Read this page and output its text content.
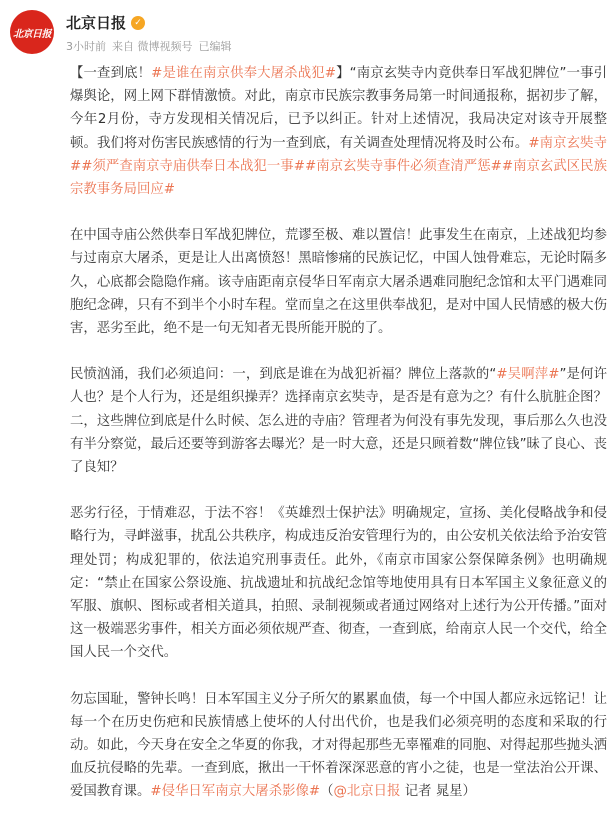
北京日报
北京日报 ✓
3小时前 来自 微博视频号 已编辑

【一查到底！#是谁在南京供奉大屠杀战犯#】“南京玄奘寺内竟供奉日军战犯牌位”一事引爆舆论，网上网下群情激愤。对此，南京市民族宗教事务局第一时间通报称，据初步了解，今年2月份，寺方发现相关情况后，已予以纠正。针对上述情况，我局决定对该寺开展整顿。我们将对伤害民族感情的行为一查到底，有关调查处理情况将及时公布。#南京玄奘寺##须严查南京寺庙供奉日本战犯一事##南京玄奘寺事件必须查清严惩##南京玄武区民族宗教事务局回应#

在中国寺庙公然供奉日军战犯牌位，荒谬至极、难以置信！此事发生在南京，上述战犯均参与过南京大屠杀，更是让人出离愤怒！黑暗惨痛的民族记忆，中国人蚀骨难忘，无论时隔多久，心底都会隐隐作痛。该寺庙距南京侵华日军南京大屠杀遇难同胞纪念馆和太平门遇难同胞纪念碑，只有不到半个小时车程。堂而皇之在这里供奉战犯，是对中国人民情感的极大伤害，恶劣至此，绝不是一句无知者无畏所能开脱的了。

民愤汹涌，我们必须追问：一，到底是谁在为战犯祈福？牌位上落款的“#吴啊萍#”是何许人也？是个人行为，还是组织操弄？选择南京玄奘寺，是否是有意为之？有什么肮脏企图？二，这些牌位到底是什么时候、怎么进的寺庙？管理者为何没有事先发现，事后那么久也没有半分察觉，最后还要等到游客去曝光？是一时大意，还是只顾着数“牌位钱”昧了良心、丧了良知？

恶劣行径，于情难忍，于法不容！《英雄烈士保护法》明确规定，宣扬、美化侵略战争和侵略行为，寻衅滋事，扰乱公共秩序，构成违反治安管理行为的，由公安机关依法给予治安管理处罚；构成犯罪的，依法追究刑事责任。此外，《南京市国家公祭保障条例》也明确规定：“禁止在国家公祭设施、抗战遗址和抗战纪念馆等地使用具有日本军国主义象征意义的军服、旗帜、图标或者相关道具，拍照、录制视频或者通过网络对上述行为公开传播。”面对这一极端恶劣事件，相关方面必须依规严查、彻查，一查到底，给南京人民一个交代，给全国人民一个交代。

勿忘国耻，警钟长鸣！日本军国主义分子所欠的累累血债，每一个中国人都应永远铭记！让每一个在历史伤疤和民族情感上使坏的人付出代价，也是我们必须亮明的态度和采取的行动。如此，今天身在安全之华夏的你我，才对得起那些无辜罹难的同胞、对得起那些抛头洒血反抗侵略的先辈。一查到底，揪出一干怀着深深恶意的宵小之徒，也是一堂法治公开课、爱国教育课。#侵华日军南京大屠杀影像#（@北京日报 记者 晁星）
